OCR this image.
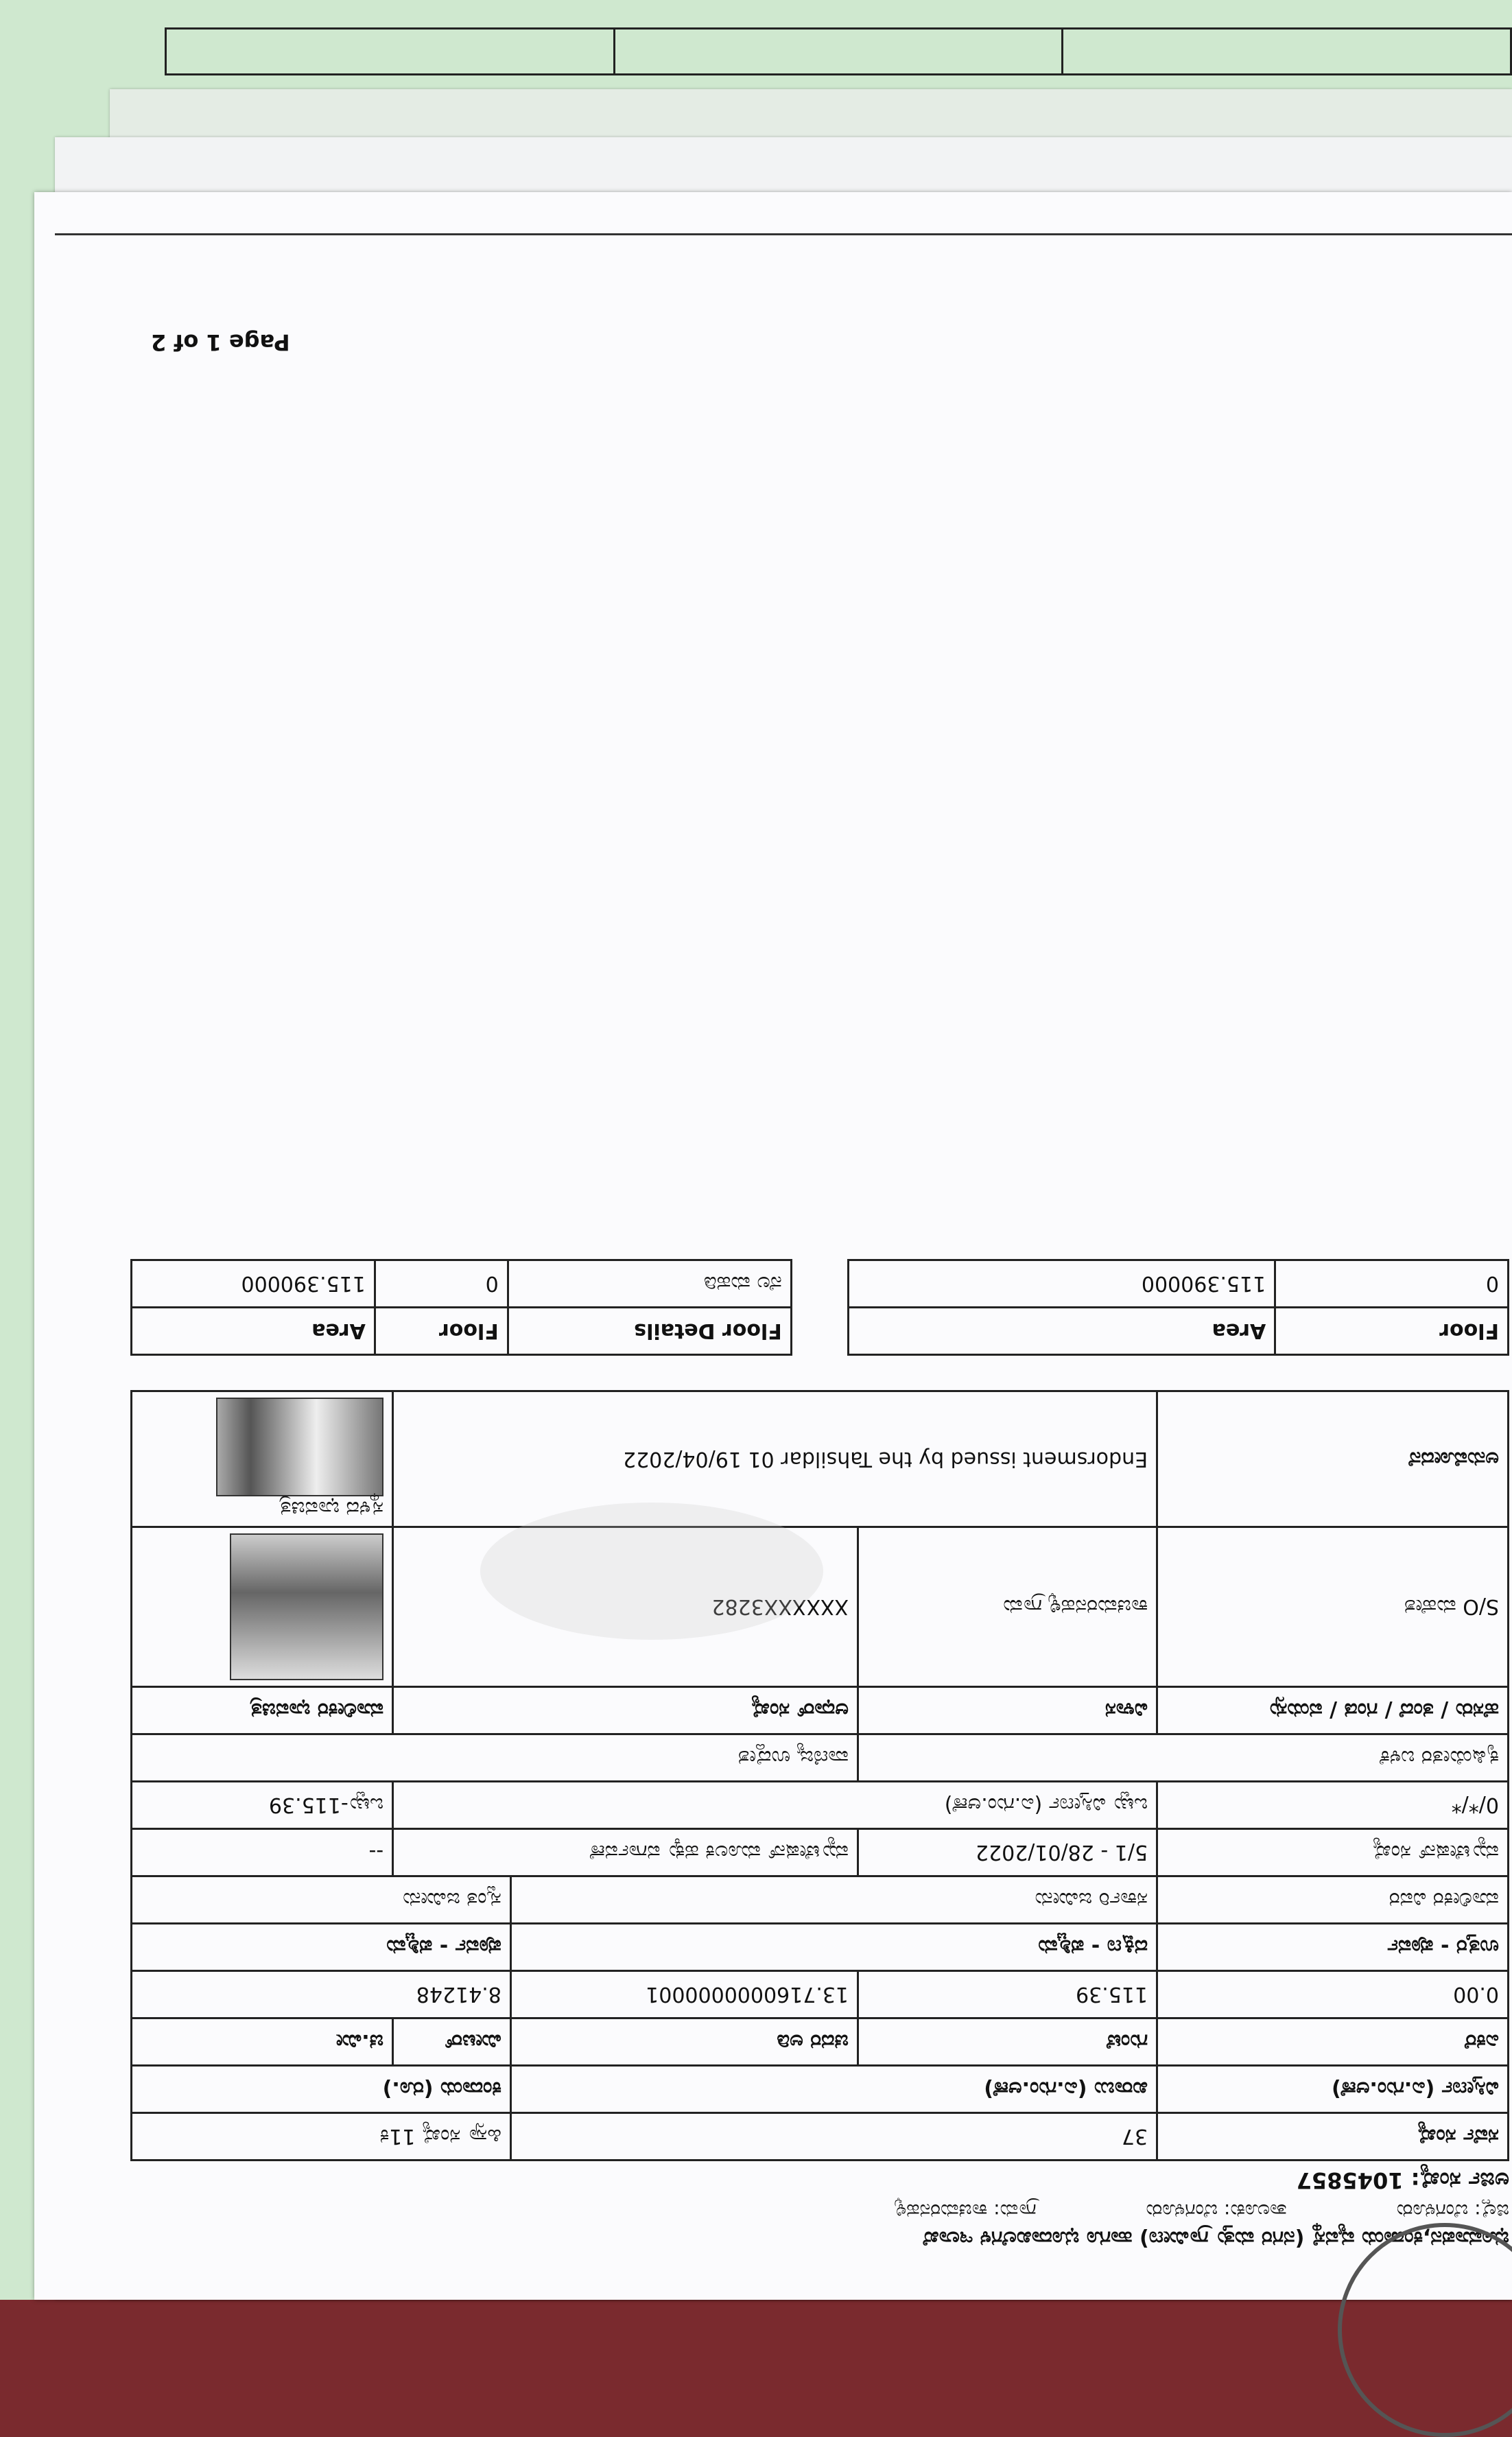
ಭೂಮಾಪನ,ಕಂದಾಯ ವ್ಯವಸ್ಥೆ (ನಗರ ಮತ್ತು ಗ್ರಾಮೀಣ) ಹಾಗೂ ಭೂದಾಖಲೆಗಳ ಇಲಾಖೆ
ಜಿಲ್ಲೆ: ಬೆಂಗಳೂರು
ತಾಲೂಕು: ಬೆಂಗಳೂರು
ಗ್ರಾಮ: ಕಾಚಮರನಹಳ್ಳಿ
ಅರ್ಜಿ ಸಂಖ್ಯೆ: 1045857
ಸರ್ವೆ ಸಂಖ್ಯೆ	37		ಹಿಸ್ಸಾ ಸಂಖ್ಯೆ 11ಕ	
ವಿಸ್ತೀರ್ಣ (ಎ.ಗುಂ.ಆಣೆ)	ಖರಾಬು (ಎ.ಗುಂ.ಆಣೆ)		ಕಂದಾಯ (ರೂ.)	
ಎಕರೆ	ಗುಂಟೆ	ಚದರ ಅಡಿ	ಮೀಟರ್	ಚ.ಮೀ
0.00	115.39	13.7160000000001	8.41248	
ಉತ್ತರ - ಪೂರ್ವ	ದಕ್ಷಿಣ - ಪಶ್ಚಿಮ		ಪೂರ್ವ - ಪಶ್ಚಿಮ	
ಮಾಲೀಕರ ವಿವರ	ಸರ್ಕಾರಿ ಜಮೀನು		ಸ್ವಂತ ಜಮೀನು	
ಮ್ಯುಟೇಷನ್ ಸಂಖ್ಯೆ	5/1 - 28/01/2022	ಮ್ಯುಟೇಷನ್ ಮೂಲಕ ಹಕ್ಕು ವರ್ಗಾವಣೆ		--
0/*/*	ಒಟ್ಟು ವಿಸ್ತೀರ್ಣ (ಎ.ಗುಂ.ಆಣೆ)			ಒಟ್ಟು-115.39
ಕೃಷಿಯೇತರ ಬಳಕೆ		ವಾಣಿಜ್ಯ ಉದ್ದೇಶ		
ಹೆಸರು / ತಂದೆ / ಗಂಡ / ವಯಸ್ಸು	ವಿಳಾಸ	ಆಧಾರ್ ಸಂಖ್ಯೆ		ಮಾಲೀಕರ ಭಾವಚಿತ್ರ
S/O ಮಹೇಶ	ಕಾಚಮರನಹಳ್ಳಿ ಗ್ರಾಮ	XXXXXX3282		

ಅನುಮೋದನೆ	Endorsment issued by the Tahsildar 01 19/04/2022			ಸ್ಥಳದ ಭಾವಚಿತ್ರ
Floor	Area
0	115.390000
Floor Details	Floor	Area
ನೆಲ ಮಹಡಿ	0	115.390000
Page 1 of 2
